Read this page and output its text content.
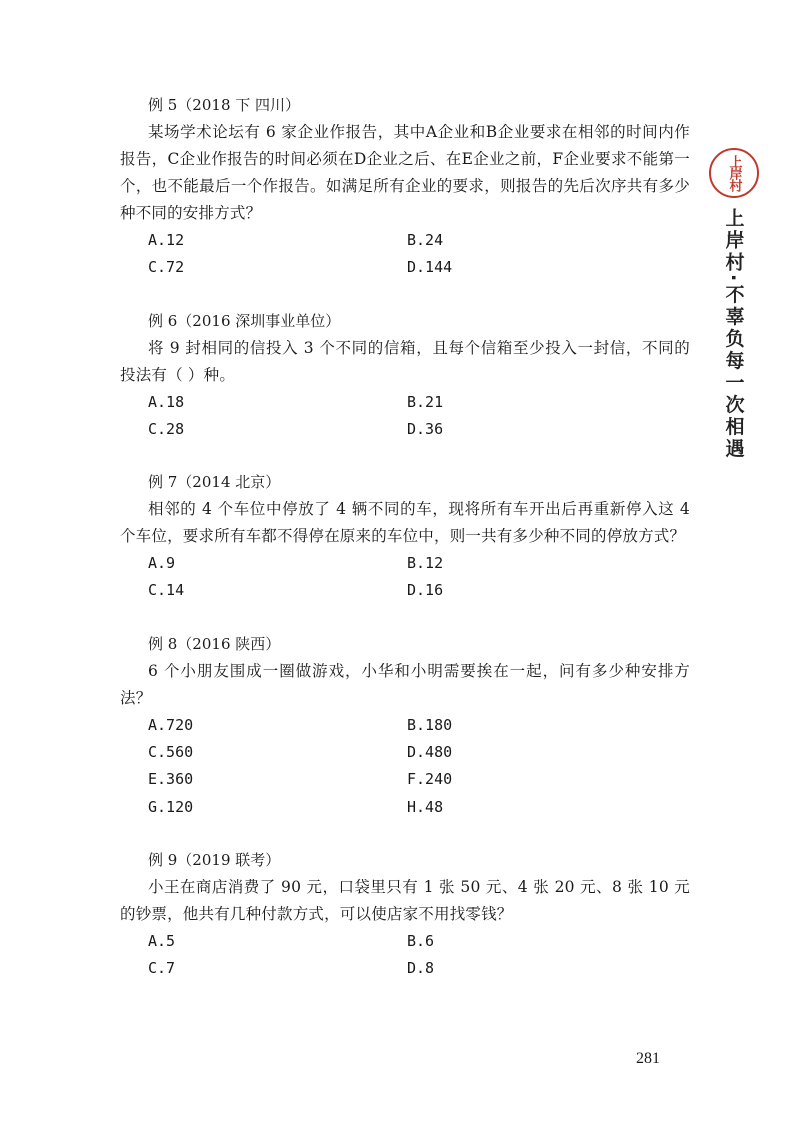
上岸村
上岸村·不辜负每一次相遇
例 5（2018 下 四川）
某场学术论坛有 6 家企业作报告，其中A企业和B企业要求在相邻的时间内作报告，C企业作报告的时间必须在D企业之后、在E企业之前，F企业要求不能第一个，也不能最后一个作报告。如满足所有企业的要求，则报告的先后次序共有多少种不同的安排方式？
A.12	B.24
C.72	D.144
例 6（2016 深圳事业单位）
将 9 封相同的信投入 3 个不同的信箱，且每个信箱至少投入一封信，不同的投法有（ ）种。
A.18	B.21
C.28	D.36
例 7（2014 北京）
相邻的 4 个车位中停放了 4 辆不同的车，现将所有车开出后再重新停入这 4 个车位，要求所有车都不得停在原来的车位中，则一共有多少种不同的停放方式？
A.9	B.12
C.14	D.16
例 8（2016 陕西）
6 个小朋友围成一圈做游戏，小华和小明需要挨在一起，问有多少种安排方法？
A.720	B.180
C.560	D.480
E.360	F.240
G.120	H.48
例 9（2019 联考）
小王在商店消费了 90 元，口袋里只有 1 张 50 元、4 张 20 元、8 张 10 元的钞票，他共有几种付款方式，可以使店家不用找零钱？
A.5	B.6
C.7	D.8
281
